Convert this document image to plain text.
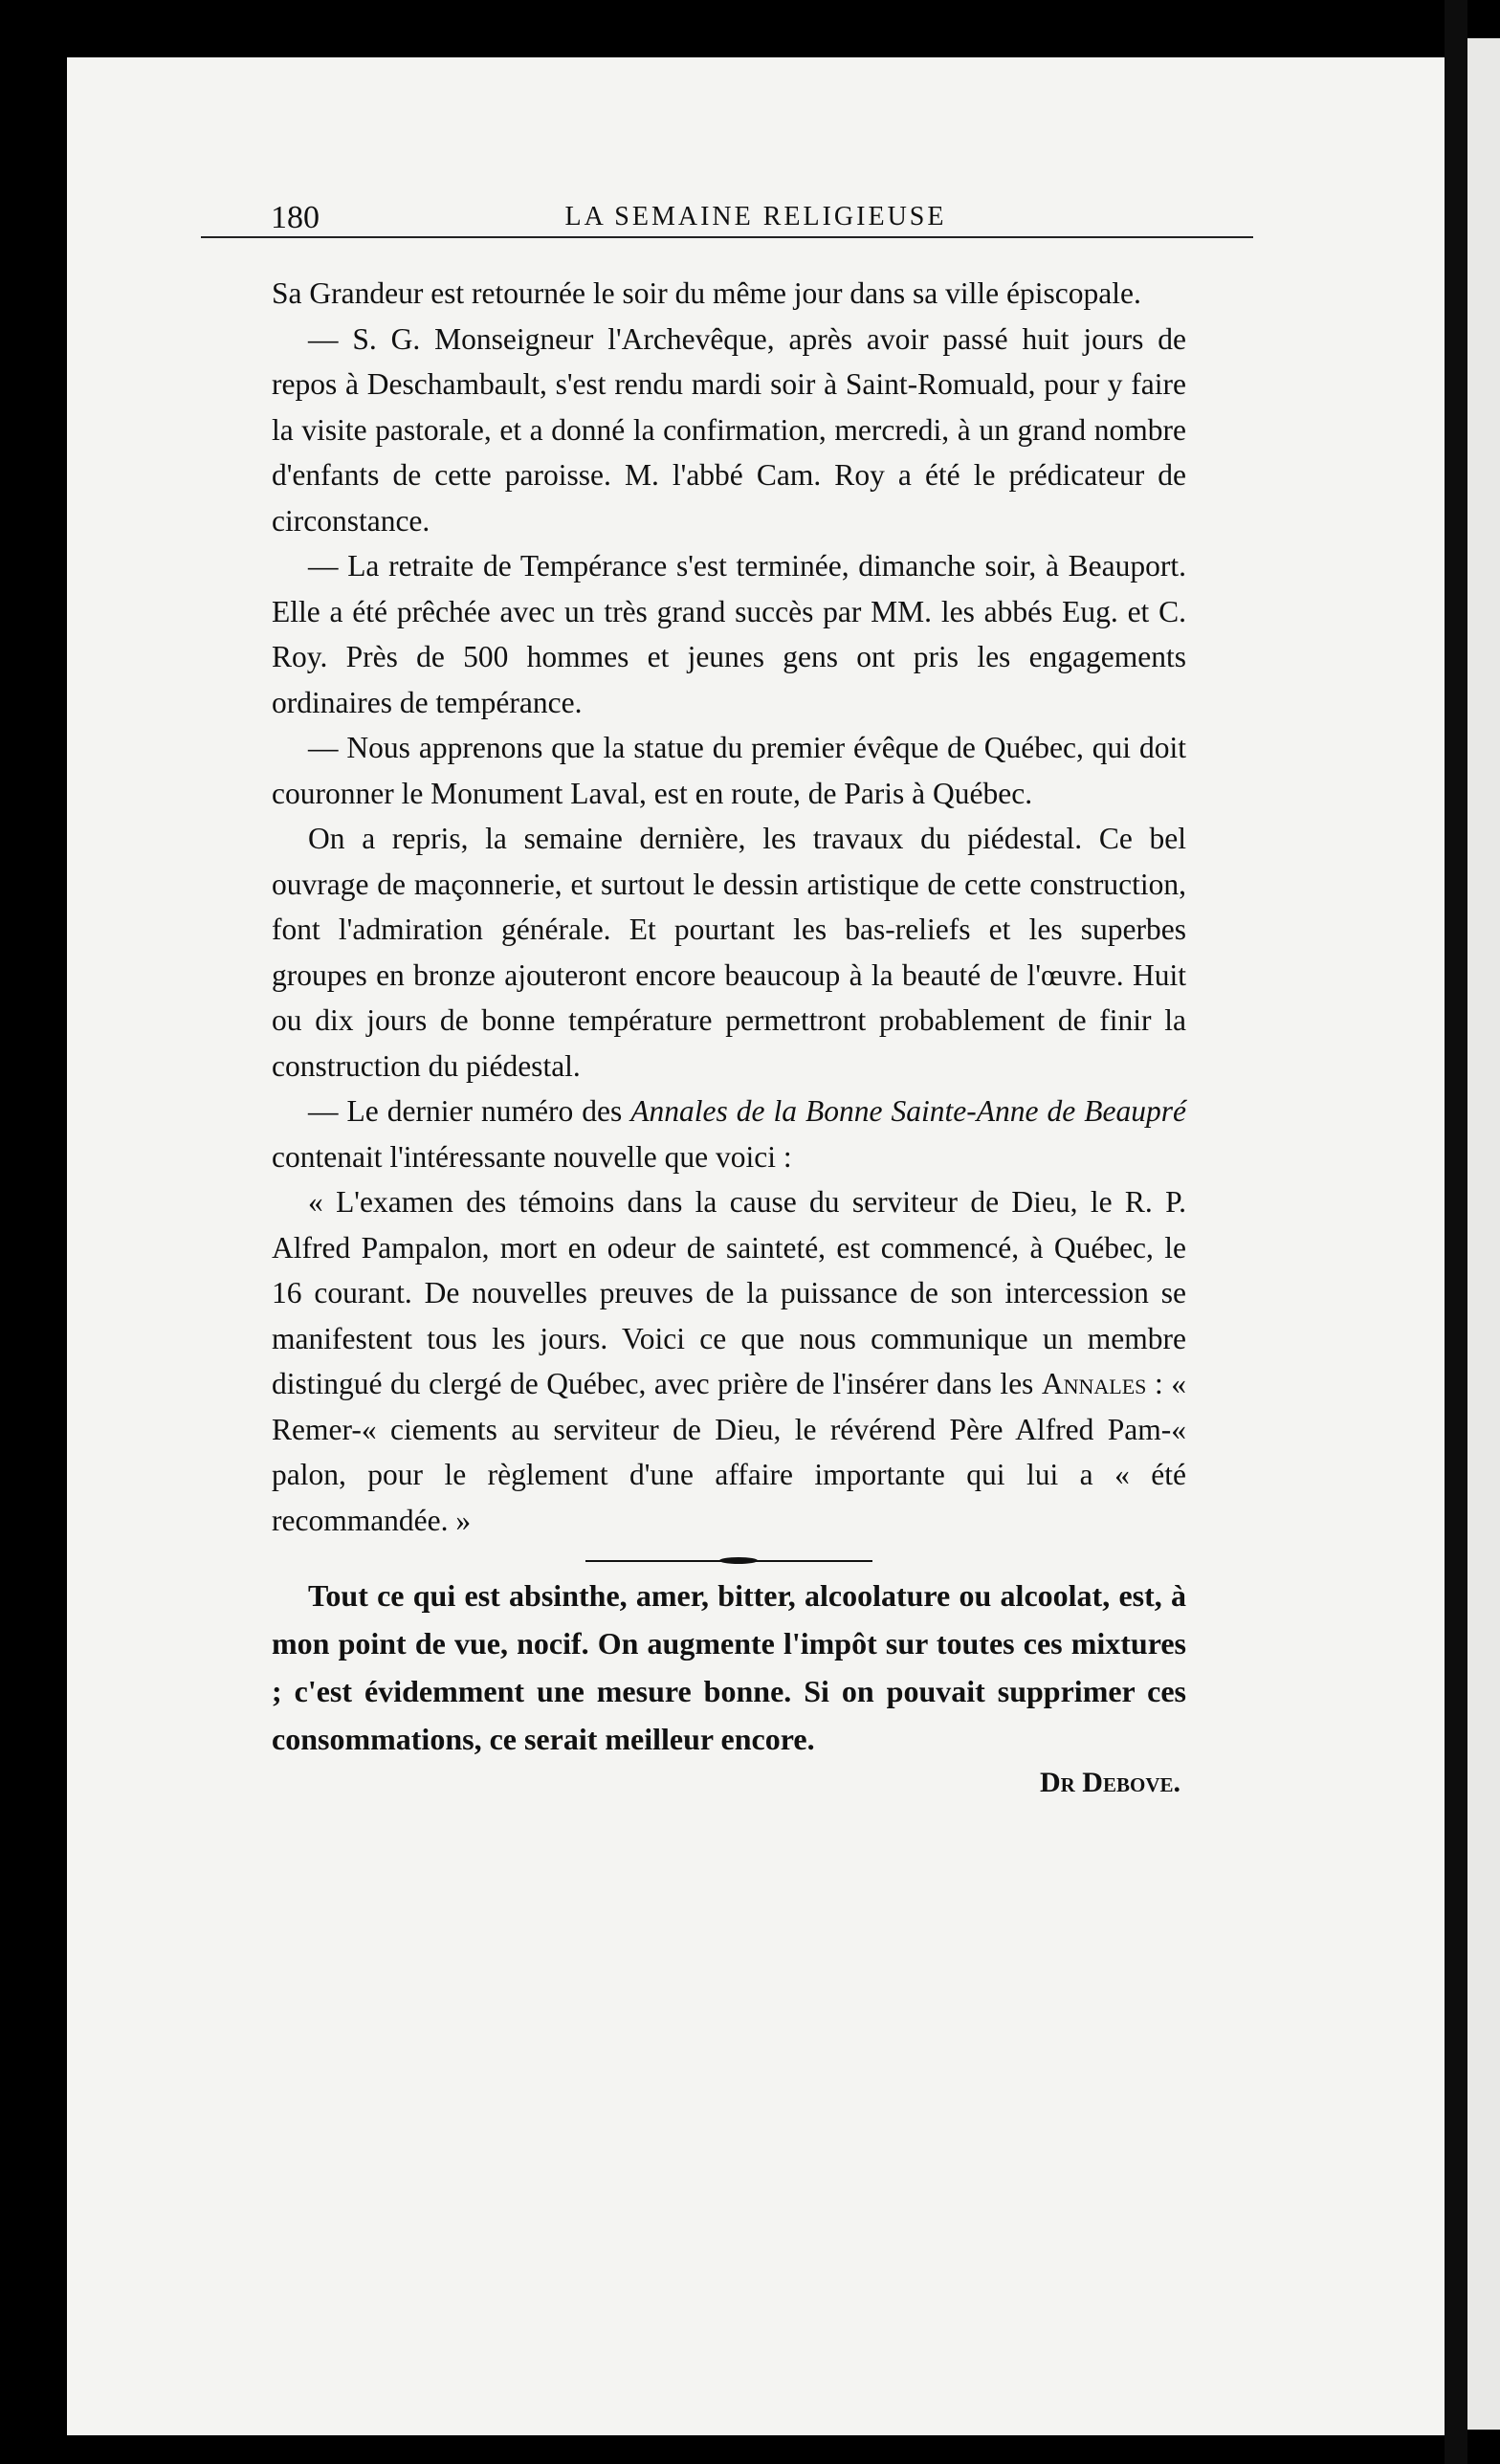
180	LA SEMAINE RELIGIEUSE

Sa Grandeur est retournée le soir du même jour dans sa ville épiscopale.

— S. G. Monseigneur l'Archevêque, après avoir passé huit jours de repos à Deschambault, s'est rendu mardi soir à Saint-Romuald, pour y faire la visite pastorale, et a donné la confirmation, mercredi, à un grand nombre d'enfants de cette paroisse. M. l'abbé Cam. Roy a été le prédicateur de circonstance.

— La retraite de Tempérance s'est terminée, dimanche soir, à Beauport. Elle a été prêchée avec un très grand succès par MM. les abbés Eug. et C. Roy. Près de 500 hommes et jeunes gens ont pris les engagements ordinaires de tempérance.

— Nous apprenons que la statue du premier évêque de Québec, qui doit couronner le Monument Laval, est en route, de Paris à Québec.

On a repris, la semaine dernière, les travaux du piédestal. Ce bel ouvrage de maçonnerie, et surtout le dessin artistique de cette construction, font l'admiration générale. Et pourtant les bas-reliefs et les superbes groupes en bronze ajouteront encore beaucoup à la beauté de l'œuvre. Huit ou dix jours de bonne température permettront probablement de finir la construction du piédestal.

— Le dernier numéro des Annales de la Bonne Sainte-Anne de Beaupré contenait l'intéressante nouvelle que voici :

« L'examen des témoins dans la cause du serviteur de Dieu, le R. P. Alfred Pampalon, mort en odeur de sainteté, est commencé, à Québec, le 16 courant. De nouvelles preuves de la puissance de son intercession se manifestent tous les jours. Voici ce que nous communique un membre distingué du clergé de Québec, avec prière de l'insérer dans les Annales : « Remer-« ciements au serviteur de Dieu, le révérend Père Alfred Pam-« palon, pour le règlement d'une affaire importante qui lui a « été recommandée. »

Tout ce qui est absinthe, amer, bitter, alcoolature ou alcoolat, est, à mon point de vue, nocif. On augmente l'impôt sur toutes ces mixtures ; c'est évidemment une mesure bonne. Si on pouvait supprimer ces consommations, ce serait meilleur encore.

Dr Debove.
